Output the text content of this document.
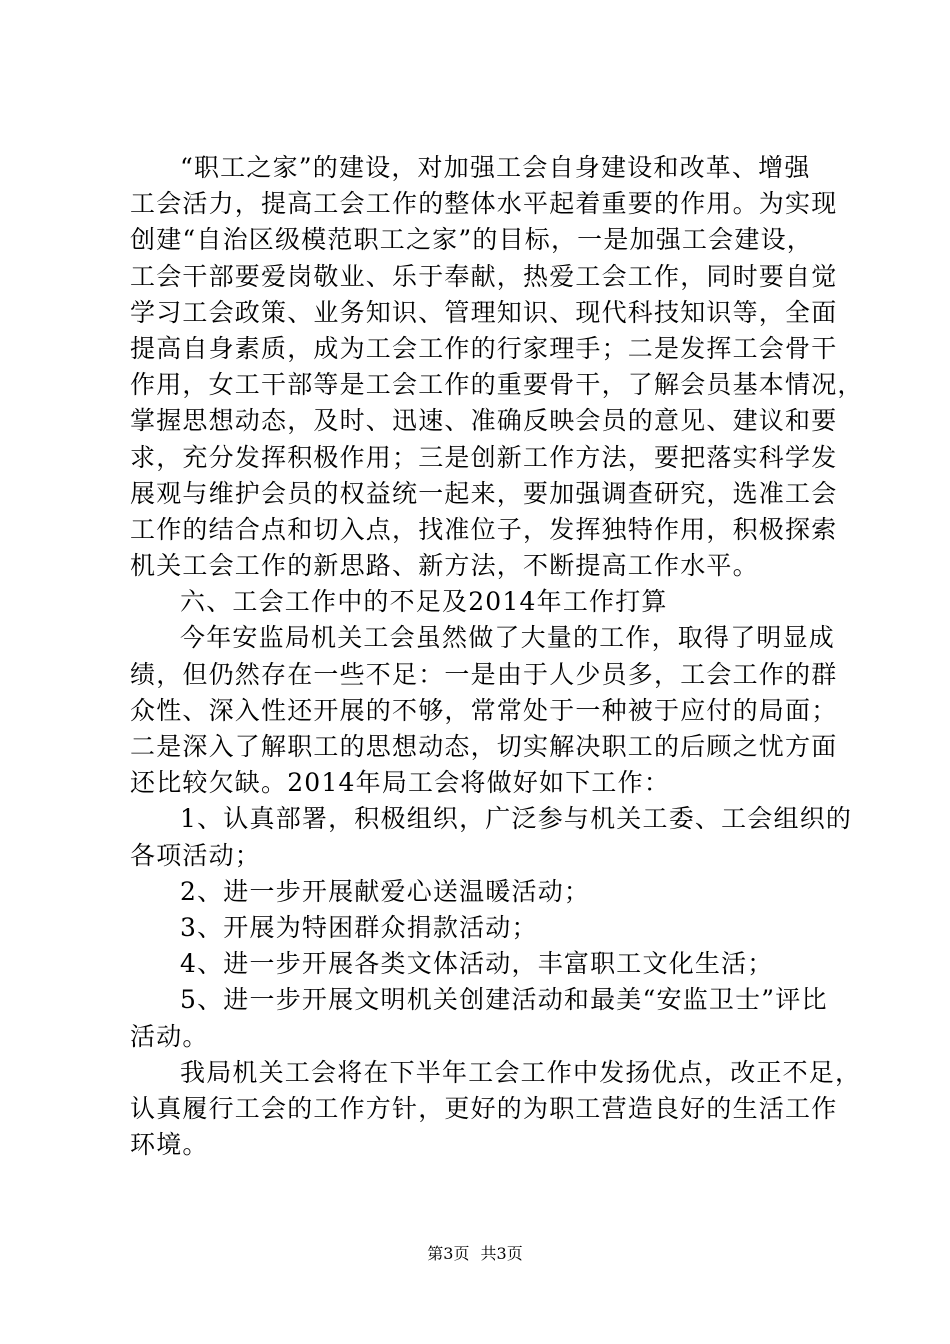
“职工之家”的建设，对加强工会自身建设和改革、增强
工会活力，提高工会工作的整体水平起着重要的作用。为实现
创建“自治区级模范职工之家”的目标，一是加强工会建设，
工会干部要爱岗敬业、乐于奉献，热爱工会工作，同时要自觉
学习工会政策、业务知识、管理知识、现代科技知识等，全面
提高自身素质，成为工会工作的行家理手；二是发挥工会骨干
作用，女工干部等是工会工作的重要骨干，了解会员基本情况，
掌握思想动态，及时、迅速、准确反映会员的意见、建议和要
求，充分发挥积极作用；三是创新工作方法，要把落实科学发
展观与维护会员的权益统一起来，要加强调查研究，选准工会
工作的结合点和切入点，找准位子，发挥独特作用，积极探索
机关工会工作的新思路、新方法，不断提高工作水平。
六、工会工作中的不足及2014年工作打算
今年安监局机关工会虽然做了大量的工作，取得了明显成
绩，但仍然存在一些不足：一是由于人少员多，工会工作的群
众性、深入性还开展的不够，常常处于一种被于应付的局面；
二是深入了解职工的思想动态，切实解决职工的后顾之忧方面
还比较欠缺。2014年局工会将做好如下工作：
1、认真部署，积极组织，广泛参与机关工委、工会组织的
各项活动；
2、进一步开展献爱心送温暖活动；
3、开展为特困群众捐款活动；
4、进一步开展各类文体活动，丰富职工文化生活；
5、进一步开展文明机关创建活动和最美“安监卫士”评比
活动。
我局机关工会将在下半年工会工作中发扬优点，改正不足，
认真履行工会的工作方针，更好的为职工营造良好的生活工作
环境。
第3页 共3页
